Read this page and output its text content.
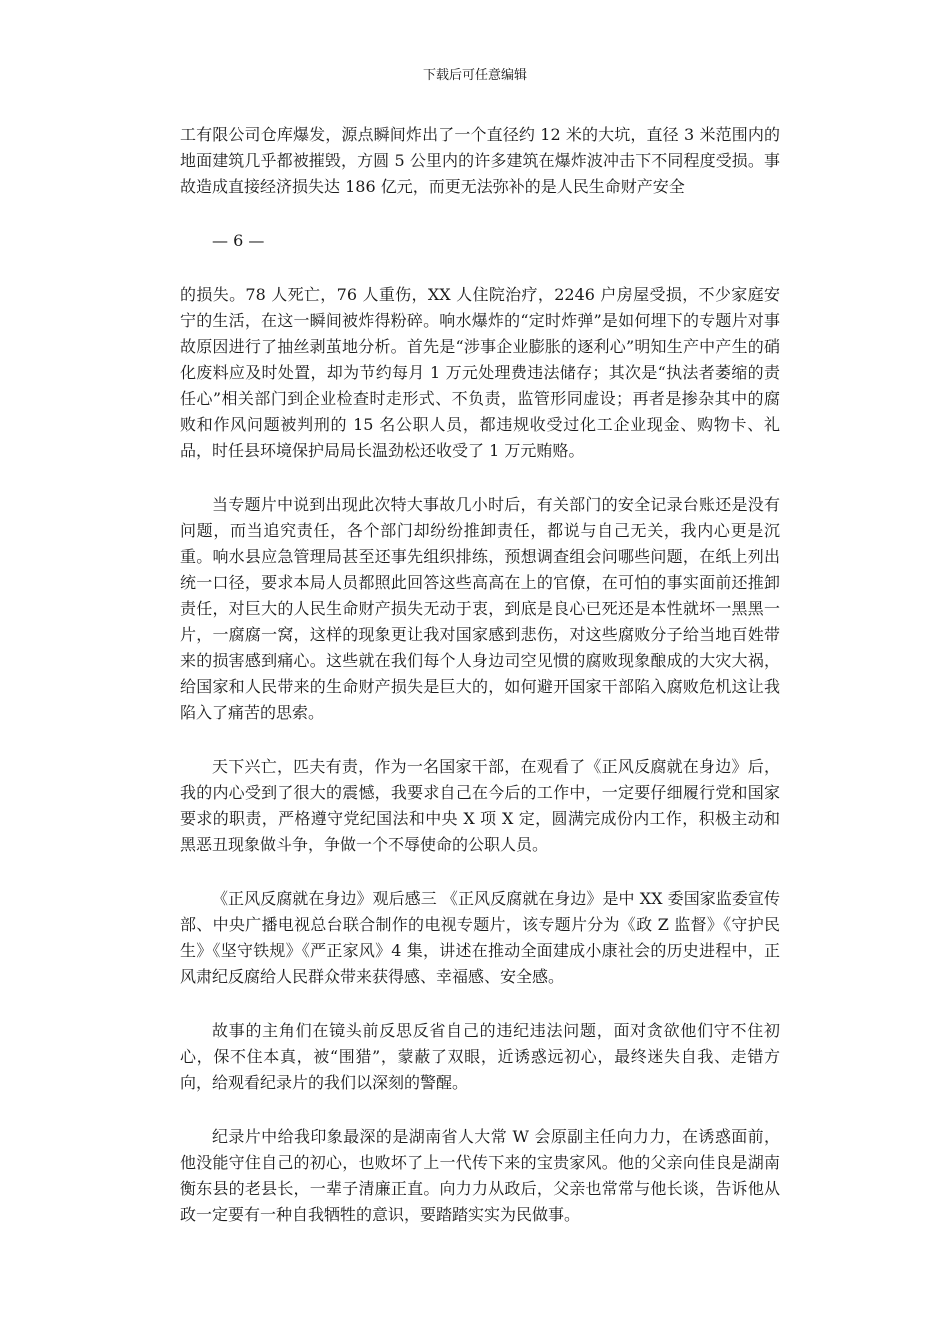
下载后可任意编辑

工有限公司仓库爆发，源点瞬间炸出了一个直径约 12 米的大坑，直径 3 米范围内的地面建筑几乎都被摧毁，方圆 5 公里内的许多建筑在爆炸波冲击下不同程度受损。事故造成直接经济损失达 186 亿元，而更无法弥补的是人民生命财产安全

— 6 —

的损失。78 人死亡，76 人重伤，XX 人住院治疗，2246 户房屋受损，不少家庭安宁的生活，在这一瞬间被炸得粉碎。响水爆炸的“定时炸弹”是如何埋下的专题片对事故原因进行了抽丝剥茧地分析。首先是“涉事企业膨胀的逐利心”明知生产中产生的硝化废料应及时处置，却为节约每月 1 万元处理费违法储存；其次是“执法者萎缩的责任心”相关部门到企业检查时走形式、不负责，监管形同虚设；再者是掺杂其中的腐败和作风问题被判刑的 15 名公职人员，都违规收受过化工企业现金、购物卡、礼品，时任县环境保护局局长温劲松还收受了 1 万元贿赂。

当专题片中说到出现此次特大事故几小时后，有关部门的安全记录台账还是没有问题，而当追究责任，各个部门却纷纷推卸责任，都说与自己无关，我内心更是沉重。响水县应急管理局甚至还事先组织排练，预想调查组会问哪些问题，在纸上列出统一口径，要求本局人员都照此回答这些高高在上的官僚，在可怕的事实面前还推卸责任，对巨大的人民生命财产损失无动于衷，到底是良心已死还是本性就坏一黑黑一片，一腐腐一窝，这样的现象更让我对国家感到悲伤，对这些腐败分子给当地百姓带来的损害感到痛心。这些就在我们每个人身边司空见惯的腐败现象酿成的大灾大祸，给国家和人民带来的生命财产损失是巨大的，如何避开国家干部陷入腐败危机这让我陷入了痛苦的思索。

天下兴亡，匹夫有责，作为一名国家干部，在观看了《正风反腐就在身边》后，我的内心受到了很大的震憾，我要求自己在今后的工作中，一定要仔细履行党和国家要求的职责，严格遵守党纪国法和中央 X 项 X 定，圆满完成份内工作，积极主动和黑恶丑现象做斗争，争做一个不辱使命的公职人员。

《正风反腐就在身边》观后感三 《正风反腐就在身边》是中 XX 委国家监委宣传部、中央广播电视总台联合制作的电视专题片，该专题片分为《政 Z 监督》《守护民生》《坚守铁规》《严正家风》4 集，讲述在推动全面建成小康社会的历史进程中，正风肃纪反腐给人民群众带来获得感、幸福感、安全感。

故事的主角们在镜头前反思反省自己的违纪违法问题，面对贪欲他们守不住初心，保不住本真，被“围猎”，蒙蔽了双眼，近诱惑远初心，最终迷失自我、走错方向，给观看纪录片的我们以深刻的警醒。

纪录片中给我印象最深的是湖南省人大常 W 会原副主任向力力，在诱惑面前，他没能守住自己的初心，也败坏了上一代传下来的宝贵家风。他的父亲向佳良是湖南衡东县的老县长，一辈子清廉正直。向力力从政后，父亲也常常与他长谈，告诉他从政一定要有一种自我牺牲的意识，要踏踏实实为民做事。
